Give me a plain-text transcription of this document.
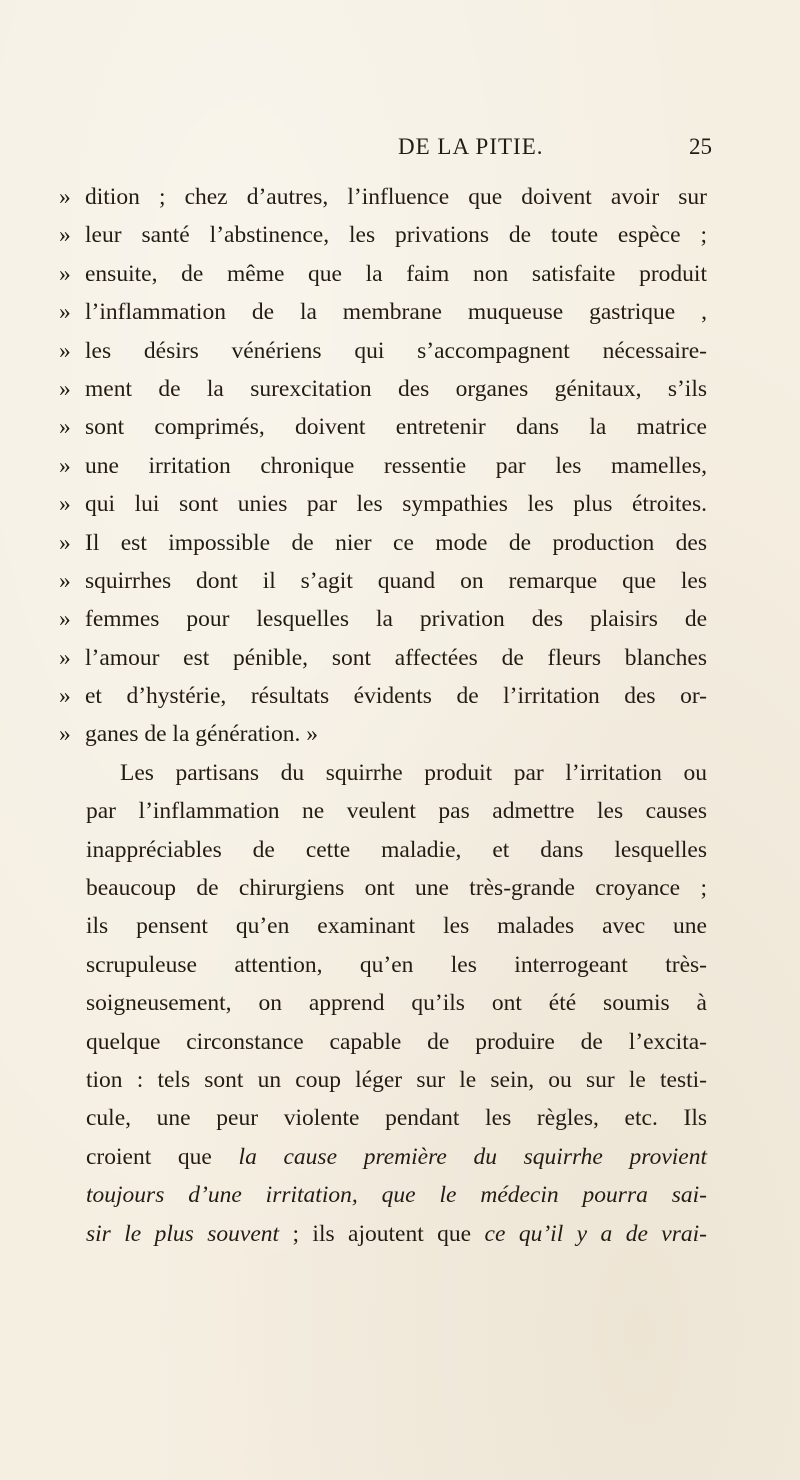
DE LA PITIE.	25
» dition ; chez d’autres, l’influence que doivent avoir sur
» leur santé l’abstinence, les privations de toute espèce ;
» ensuite, de même que la faim non satisfaite produit
» l’inflammation de la membrane muqueuse gastrique ,
» les désirs vénériens qui s’accompagnent nécessaire-
» ment de la surexcitation des organes génitaux, s’ils
» sont comprimés, doivent entretenir dans la matrice
» une irritation chronique ressentie par les mamelles,
» qui lui sont unies par les sympathies les plus étroites.
» Il est impossible de nier ce mode de production des
» squirrhes dont il s’agit quand on remarque que les
» femmes pour lesquelles la privation des plaisirs de
» l’amour est pénible, sont affectées de fleurs blanches
» et d’hystérie, résultats évidents de l’irritation des or-
» ganes de la génération. »
Les partisans du squirrhe produit par l’irritation ou
par l’inflammation ne veulent pas admettre les causes
inappréciables de cette maladie, et dans lesquelles
beaucoup de chirurgiens ont une très-grande croyance ;
ils pensent qu’en examinant les malades avec une
scrupuleuse attention, qu’en les interrogeant très-
soigneusement, on apprend qu’ils ont été soumis à
quelque circonstance capable de produire de l’excita-
tion : tels sont un coup léger sur le sein, ou sur le testi-
cule, une peur violente pendant les règles, etc. Ils
croient que la cause première du squirrhe provient
toujours d’une irritation, que le médecin pourra sai-
sir le plus souvent ; ils ajoutent que ce qu’il y a de vrai-
